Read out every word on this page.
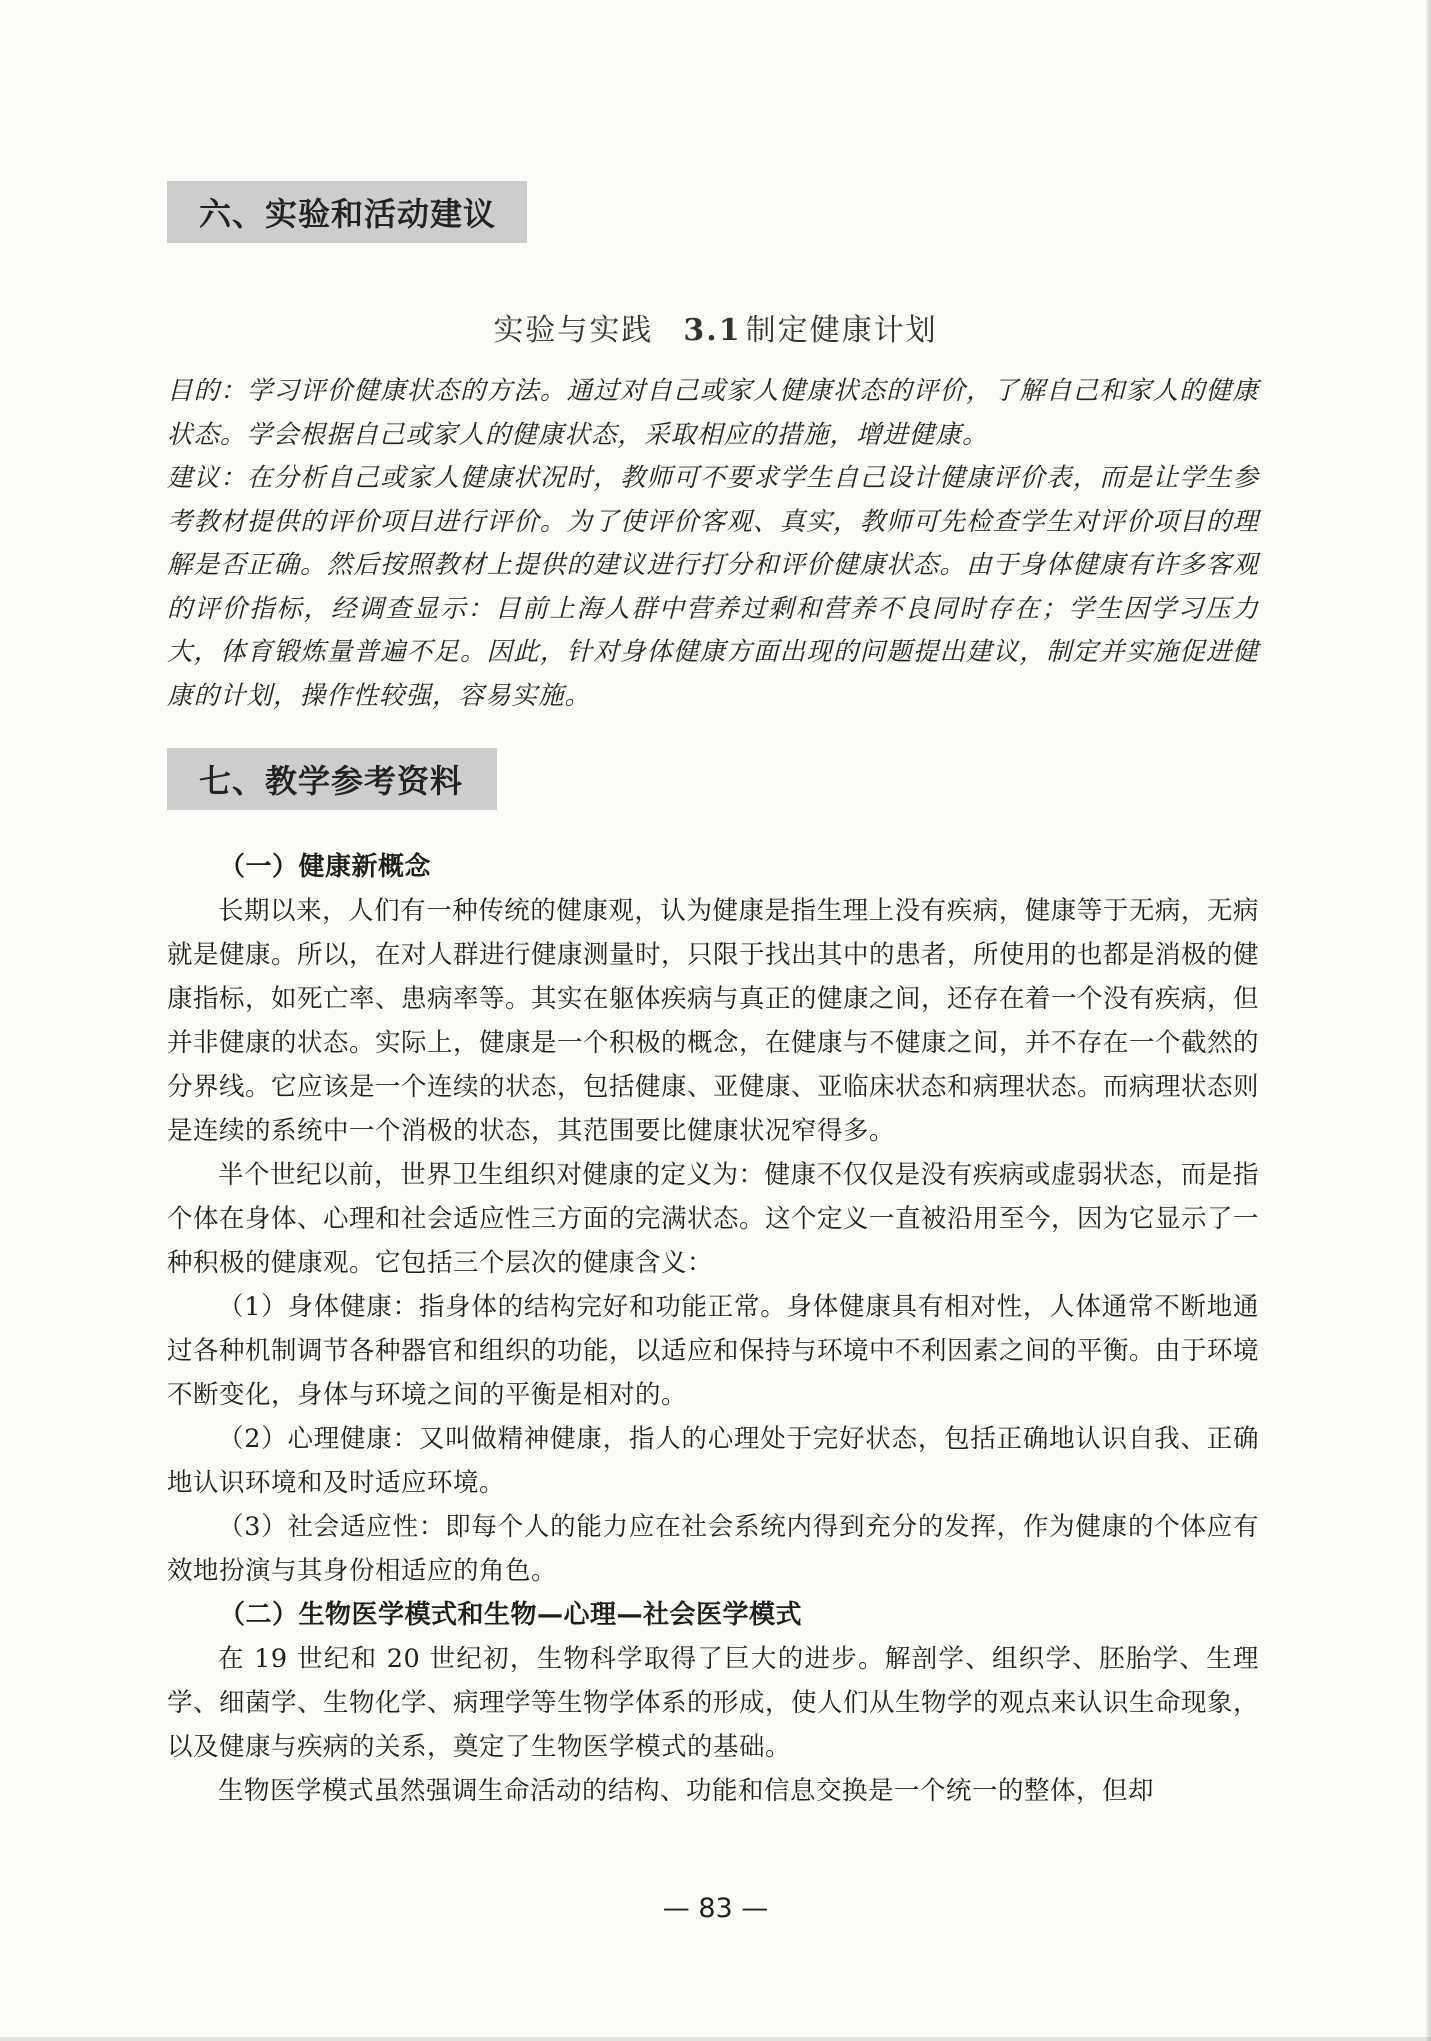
六、实验和活动建议
实验与实践 3.1 制定健康计划
目的：学习评价健康状态的方法。通过对自己或家人健康状态的评价，了解自己和家人的健康状态。学会根据自己或家人的健康状态，采取相应的措施，增进健康。
建议：在分析自己或家人健康状况时，教师可不要求学生自己设计健康评价表，而是让学生参考教材提供的评价项目进行评价。为了使评价客观、真实，教师可先检查学生对评价项目的理解是否正确。然后按照教材上提供的建议进行打分和评价健康状态。由于身体健康有许多客观的评价指标，经调查显示：目前上海人群中营养过剩和营养不良同时存在；学生因学习压力大，体育锻炼量普遍不足。因此，针对身体健康方面出现的问题提出建议，制定并实施促进健康的计划，操作性较强，容易实施。
七、教学参考资料

（一）健康新概念

长期以来，人们有一种传统的健康观，认为健康是指生理上没有疾病，健康等于无病，无病就是健康。所以，在对人群进行健康测量时，只限于找出其中的患者，所使用的也都是消极的健康指标，如死亡率、患病率等。其实在躯体疾病与真正的健康之间，还存在着一个没有疾病，但并非健康的状态。实际上，健康是一个积极的概念，在健康与不健康之间，并不存在一个截然的分界线。它应该是一个连续的状态，包括健康、亚健康、亚临床状态和病理状态。而病理状态则是连续的系统中一个消极的状态，其范围要比健康状况窄得多。

半个世纪以前，世界卫生组织对健康的定义为：健康不仅仅是没有疾病或虚弱状态，而是指个体在身体、心理和社会适应性三方面的完满状态。这个定义一直被沿用至今，因为它显示了一种积极的健康观。它包括三个层次的健康含义：

（1）身体健康：指身体的结构完好和功能正常。身体健康具有相对性，人体通常不断地通过各种机制调节各种器官和组织的功能，以适应和保持与环境中不利因素之间的平衡。由于环境不断变化，身体与环境之间的平衡是相对的。

（2）心理健康：又叫做精神健康，指人的心理处于完好状态，包括正确地认识自我、正确地认识环境和及时适应环境。

（3）社会适应性：即每个人的能力应在社会系统内得到充分的发挥，作为健康的个体应有效地扮演与其身份相适应的角色。

（二）生物医学模式和生物—心理—社会医学模式

在 19 世纪和 20 世纪初，生物科学取得了巨大的进步。解剖学、组织学、胚胎学、生理学、细菌学、生物化学、病理学等生物学体系的形成，使人们从生物学的观点来认识生命现象，以及健康与疾病的关系，奠定了生物医学模式的基础。

生物医学模式虽然强调生命活动的结构、功能和信息交换是一个统一的整体，但却

— 83 —
